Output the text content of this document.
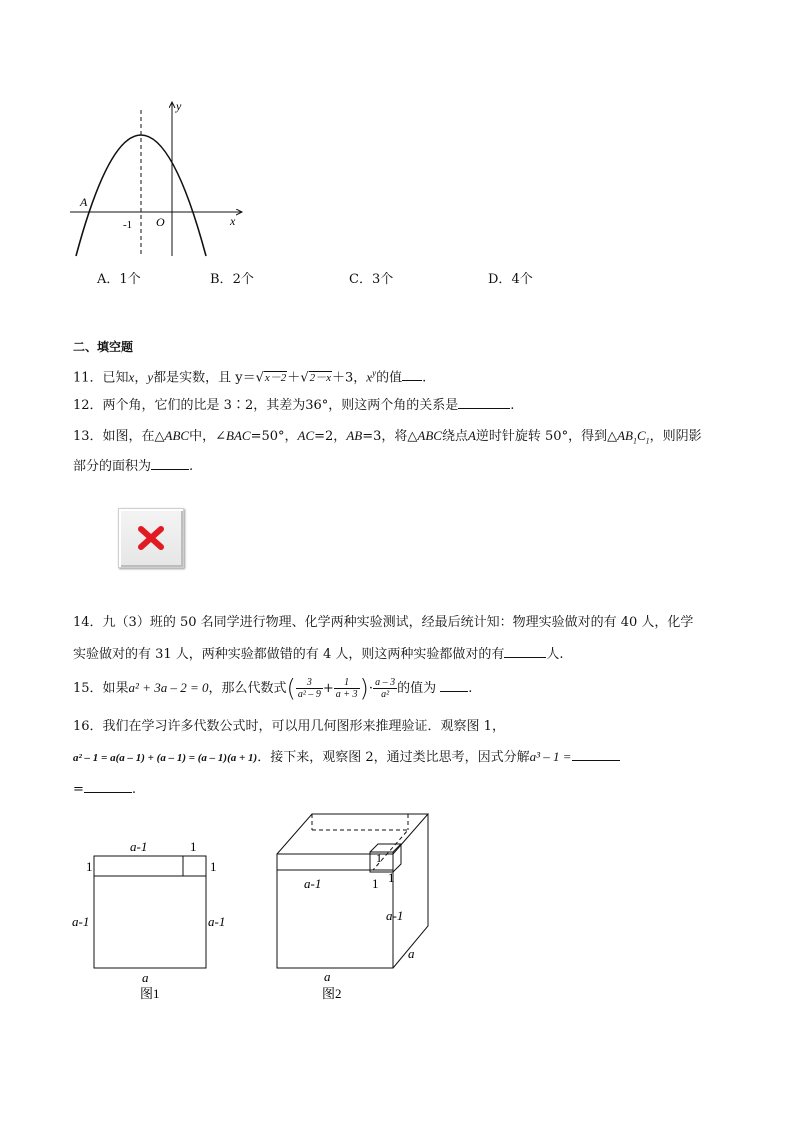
y
x
O
A
-1
A．1个	B．2个	C．3个	D．4个
二、填空题
11．已知x，y都是实数，且 y＝√x－2＋√2－x＋3，$x^y$的值 .
12．两个角，它们的比是 3∶2，其差为36°，则这两个角的关系是	.
13．如图，在△ABC中，∠BAC=50°，AC=2，AB=3，将△ABC绕点A逆时针旋转 50°，得到$\triangle AB_1C_1$，则阴影
部分的面积为	.
14．九（3）班的 50 名同学进行物理、化学两种实验测试，经最后统计知：物理实验做对的有 40 人，化学
实验做对的有 31 人，两种实验都做错的有 4 人，则这两种实验都做对的有	人.
15．如果a² + 3a – 2 = 0，那么代数式( $\frac{3}{\text{a² – 9}} + \frac{1}{a + 3}$ )· $\frac{a - 3}{\text{a²}}$ 的值为 .
16．我们在学习许多代数公式时，可以用几何图形来推理验证．观察图 1，
a² – 1 = a(a – 1) + (a – 1) = (a – 1)(a + 1)．接下来，观察图 2，通过类比思考，因式分解a³ – 1 =
=	.
a-1	1
1	1
a-1	a-1
a
图1
1
a-1	1 1
a-1
a
a
图2
